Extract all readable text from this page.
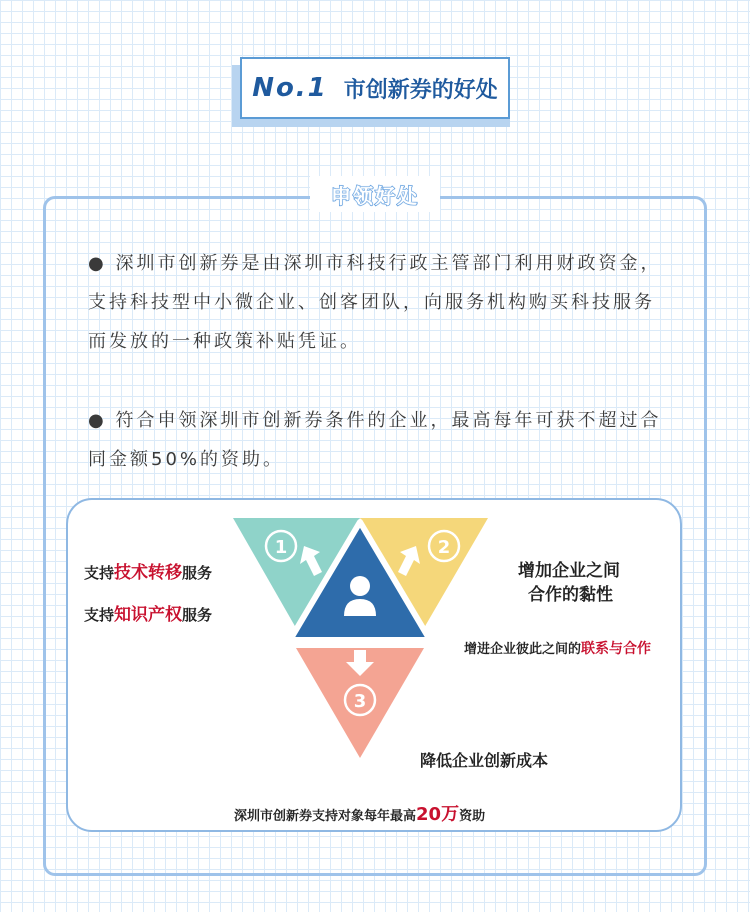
No.1 市创新券的好处
申领好处
● 深圳市创新券是由深圳市科技行政主管部门利用财政资金，支持科技型中小微企业、创客团队，向服务机构购买科技服务而发放的一种政策补贴凭证。
● 符合申领深圳市创新券条件的企业，最高每年可获不超过合同金额50%的资助。
1	2
3
支持技术转移服务
支持知识产权服务
增加企业之间
合作的黏性
增进企业彼此之间的联系与合作
降低企业创新成本
深圳市创新券支持对象每年最高20万资助
